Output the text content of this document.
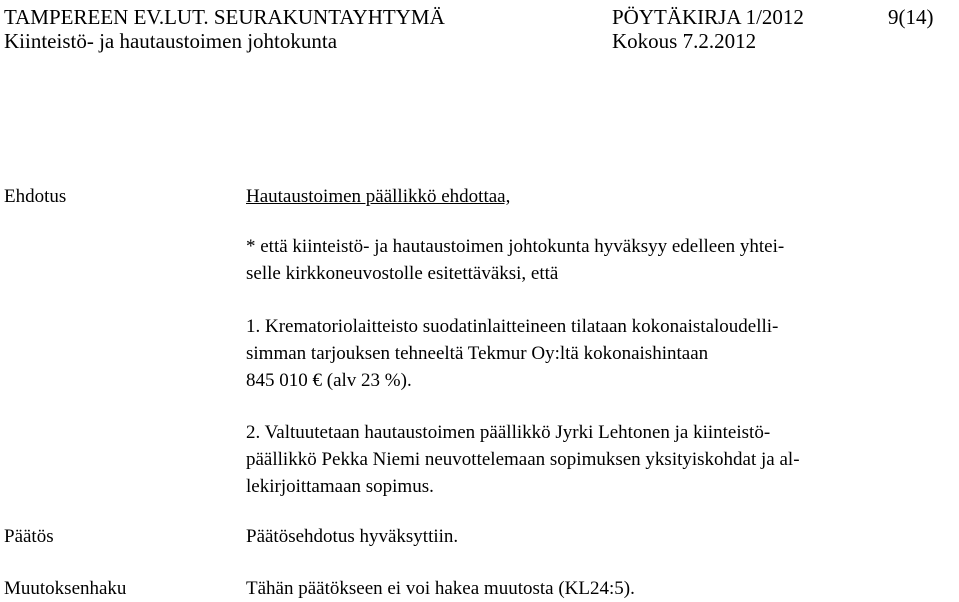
TAMPEREEN EV.LUT. SEURAKUNTAYHTYMÄ	PÖYTÄKIRJA 1/2012	9(14)
Kiinteistö- ja hautaustoimen johtokunta	Kokous 7.2.2012
Ehdotus	Hautaustoimen päällikkö ehdottaa,
* että kiinteistö- ja hautaustoimen johtokunta hyväksyy edelleen yhtei-
selle kirkkoneuvostolle esitettäväksi, että
1. Krematoriolaitteisto suodatinlaitteineen tilataan kokonaistaloudelli-
simman tarjouksen tehneeltä Tekmur Oy:ltä kokonaishintaan
845 010 € (alv 23 %).
2. Valtuutetaan hautaustoimen päällikkö Jyrki Lehtonen ja kiinteistö-
päällikkö Pekka Niemi neuvottelemaan sopimuksen yksityiskohdat ja al-
lekirjoittamaan sopimus.
Päätös	Päätösehdotus hyväksyttiin.
Muutoksenhaku	Tähän päätökseen ei voi hakea muutosta (KL24:5).
